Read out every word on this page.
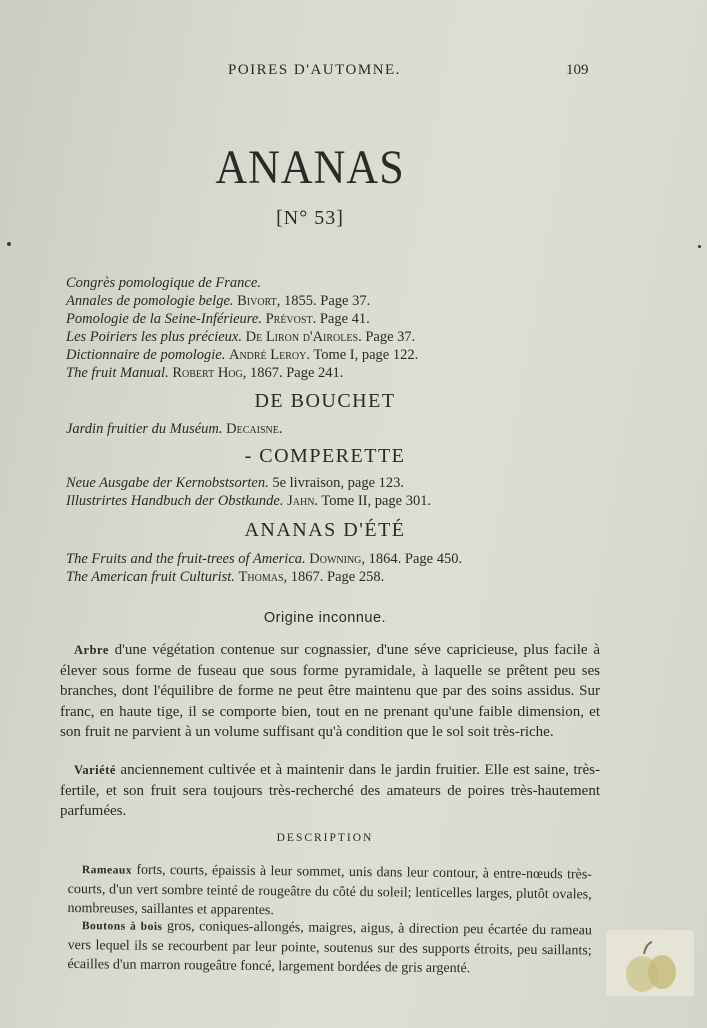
POIRES D'AUTOMNE.	109
ANANAS
[N° 53]
Congrès pomologique de France.
Annales de pomologie belge. Bivort, 1855. Page 37.
Pomologie de la Seine-Inférieure. Prévost. Page 41.
Les Poiriers les plus précieux. De Liron d'Airoles. Page 37.
Dictionnaire de pomologie. André Leroy. Tome I, page 122.
The fruit Manual. Robert Hog, 1867. Page 241.
DE BOUCHET
Jardin fruitier du Muséum. Decaisne.
- COMPERETTE
Neue Ausgabe der Kernobstsorten. 5e livraison, page 123.
Illustrirtes Handbuch der Obstkunde. Jahn. Tome II, page 301.
ANANAS D'ÉTÉ
The Fruits and the fruit-trees of America. Downing, 1864. Page 450.
The American fruit Culturist. Thomas, 1867. Page 258.
Origine inconnue.
Arbre d'une végétation contenue sur cognassier, d'une séve capricieuse, plus facile à élever sous forme de fuseau que sous forme pyramidale, à laquelle se prêtent peu ses branches, dont l'équilibre de forme ne peut être maintenu que par des soins assidus. Sur franc, en haute tige, il se comporte bien, tout en ne prenant qu'une faible dimension, et son fruit ne parvient à un volume suffisant qu'à condition que le sol soit très-riche.
Variété anciennement cultivée et à maintenir dans le jardin fruitier. Elle est saine, très-fertile, et son fruit sera toujours très-recherché des amateurs de poires très-hautement parfumées.
DESCRIPTION
Rameaux forts, courts, épaissis à leur sommet, unis dans leur contour, à entre-nœuds très-courts, d'un vert sombre teinté de rougeâtre du côté du soleil; lenticelles larges, plutôt ovales, nombreuses, saillantes et apparentes.
Boutons à bois gros, coniques-allongés, maigres, aigus, à direction peu écartée du rameau vers lequel ils se recourbent par leur pointe, soutenus sur des supports étroits, peu saillants; écailles d'un marron rougeâtre foncé, largement bordées de gris argenté.
